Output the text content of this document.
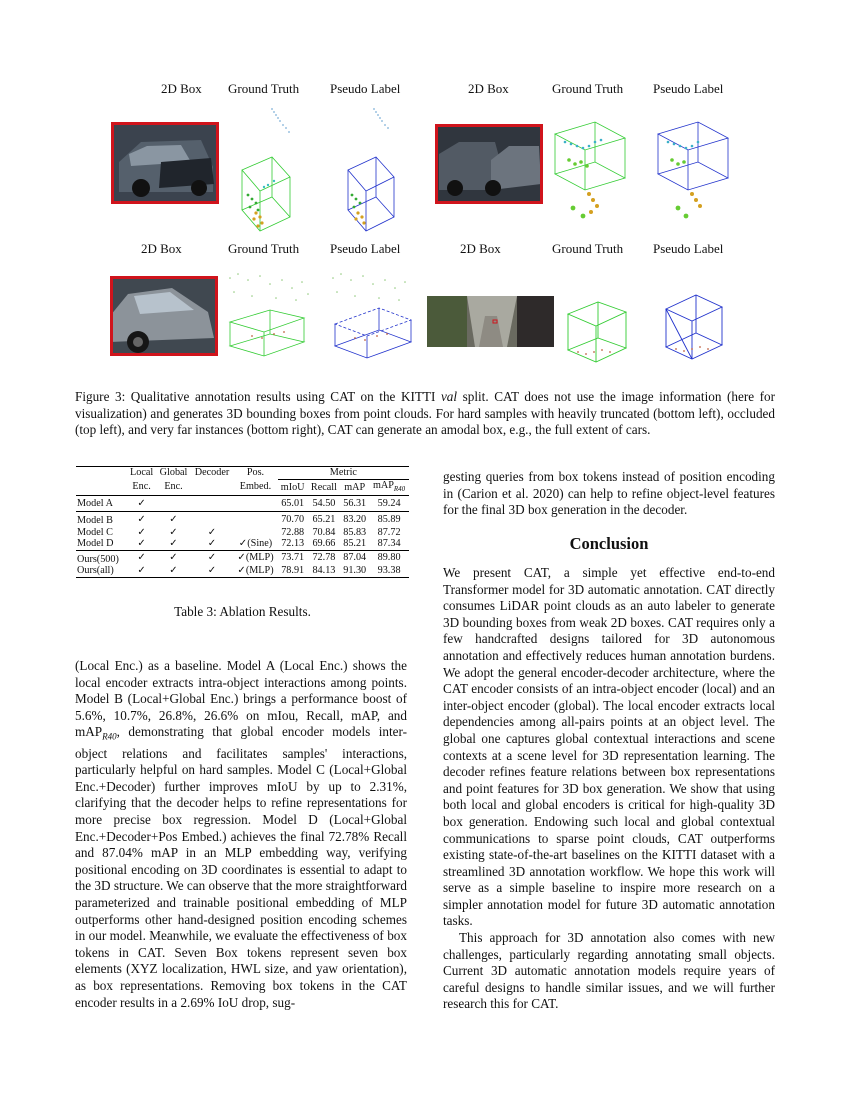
2D Box Ground Truth Pseudo Label	2D Box	Ground Truth Pseudo Label
2D Box	Ground Truth Pseudo Label	2D Box	Ground Truth Pseudo Label
Figure 3: Qualitative annotation results using CAT on the KITTI val split. CAT does not use the image information (here for visualization) and generates 3D bounding boxes from point clouds. For hard samples with heavily truncated (bottom left), occluded (top left), and very far instances (bottom right), CAT can generate an amodal box, e.g., the full extent of cars.
	Local	Global	Decoder	Pos.	Metric			
	Enc.	Enc.		Embed.	mIoU	Recall	mAP	mAP$_{R40}$
Model A	✓				65.01	54.50	56.31	59.24
Model B	✓	✓			70.70	65.21	83.20	85.89
Model C	✓	✓	✓		72.88	70.84	85.83	87.72
Model D	✓	✓	✓	✓(Sine)	72.13	69.66	85.21	87.34
Ours(500)	✓	✓	✓	✓(MLP)	73.71	72.78	87.04	89.80
Ours(all)	✓	✓	✓	✓(MLP)	78.91	84.13	91.30	93.38
Table 3: Ablation Results.

(Local Enc.) as a baseline. Model A (Local Enc.) shows the local encoder extracts intra-object interactions among points. Model B (Local+Global Enc.) brings a performance boost of 5.6%, 10.7%, 26.8%, 26.6% on mIou, Recall, mAP, and mAP$_{R40}$, demonstrating that global encoder models inter-object relations and facilitates samples' interactions, particularly helpful on hard samples. Model C (Local+Global Enc.+Decoder) further improves mIoU by up to 2.31%, clarifying that the decoder helps to refine representations for more precise box regression. Model D (Local+Global Enc.+Decoder+Pos Embed.) achieves the final 72.78% Recall and 87.04% mAP in an MLP embedding way, verifying positional encoding on 3D coordinates is essential to adapt to the 3D structure. We can observe that the more straightforward parameterized and trainable positional embedding of MLP outperforms other hand-designed position encoding schemes in our model. Meanwhile, we evaluate the effectiveness of box tokens in CAT. Seven Box tokens represent seven box elements (XYZ localization, HWL size, and yaw orientation), as box representations. Removing box tokens in the CAT encoder results in a 2.69% IoU drop, sug-

gesting queries from box tokens instead of position encoding in (Carion et al. 2020) can help to refine object-level features for the final 3D box generation in the decoder.

Conclusion

We present CAT, a simple yet effective end-to-end Transformer model for 3D automatic annotation. CAT directly consumes LiDAR point clouds as an auto labeler to generate 3D bounding boxes from weak 2D boxes. CAT requires only a few handcrafted designs tailored for 3D autonomous annotation and effectively reduces human annotation burdens. We adopt the general encoder-decoder architecture, where the CAT encoder consists of an intra-object encoder (local) and an inter-object encoder (global). The local encoder extracts local dependencies among all-pairs points at an object level. The global one captures global contextual interactions and scene contexts at a scene level for 3D representation learning. The decoder refines feature relations between box representations and point features for 3D box generation. We show that using both local and global encoders is critical for high-quality 3D box generation. Endowing such local and global contextual communications to sparse point clouds, CAT outperforms existing state-of-the-art baselines on the KITTI dataset with a streamlined 3D annotation workflow. We hope this work will serve as a simple baseline to inspire more research on a simpler annotation model for future 3D automatic annotation tasks.

This approach for 3D annotation also comes with new challenges, particularly regarding annotating small objects. Current 3D automatic annotation models require years of careful designs to handle similar issues, and we will further research this for CAT.
